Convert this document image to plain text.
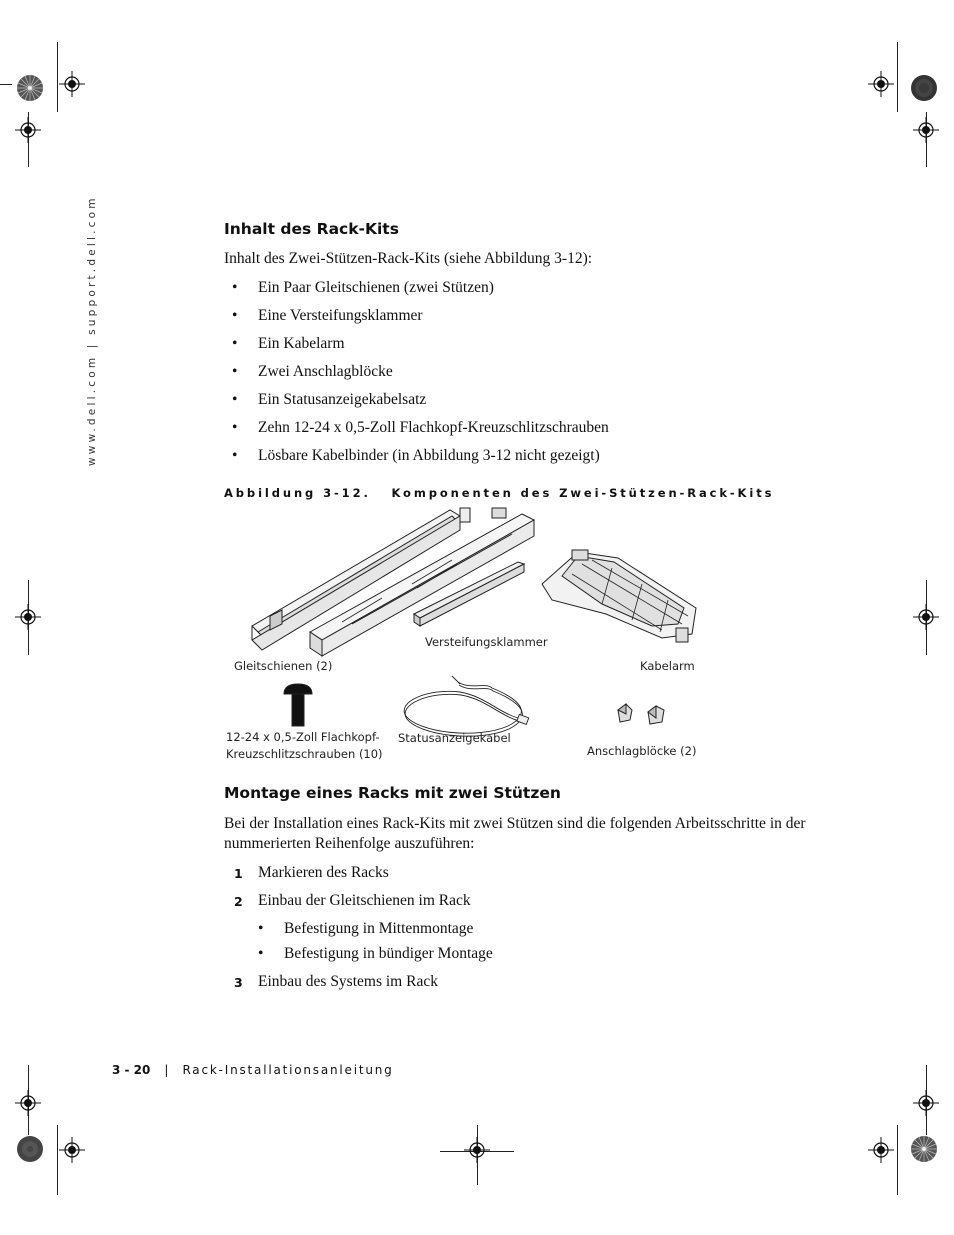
www.dell.com | support.dell.com	Inhalt des Rack-Kits
Inhalt des Zwei-Stützen-Rack-Kits (siehe Abbildung 3-12):
• Ein Paar Gleitschienen (zwei Stützen)
• Eine Versteifungsklammer
• Ein Kabelarm
• Zwei Anschlagblöcke
• Ein Statusanzeigekabelsatz
• Zehn 12-24 x 0,5-Zoll Flachkopf-Kreuzschlitzschrauben
• Lösbare Kabelbinder (in Abbildung 3-12 nicht gezeigt)
Abbildung 3-12.   Komponenten des Zwei-Stützen-Rack-Kits
Gleitschienen (2)
Versteifungsklammer
Kabelarm
12-24 x 0,5-Zoll Flachkopf-
Kreuzschlitzschrauben (10)
Statusanzeigekabel
Anschlagblöcke (2)
Montage eines Racks mit zwei Stützen
Bei der Installation eines Rack-Kits mit zwei Stützen sind die folgenden Arbeitsschritte in der nummerierten Reihenfolge auszuführen:
1 Markieren des Racks
2 Einbau der Gleitschienen im Rack
• Befestigung in Mittenmontage
• Befestigung in bündiger Montage
3 Einbau des Systems im Rack
3 - 20 | Rack-Installationsanleitung
